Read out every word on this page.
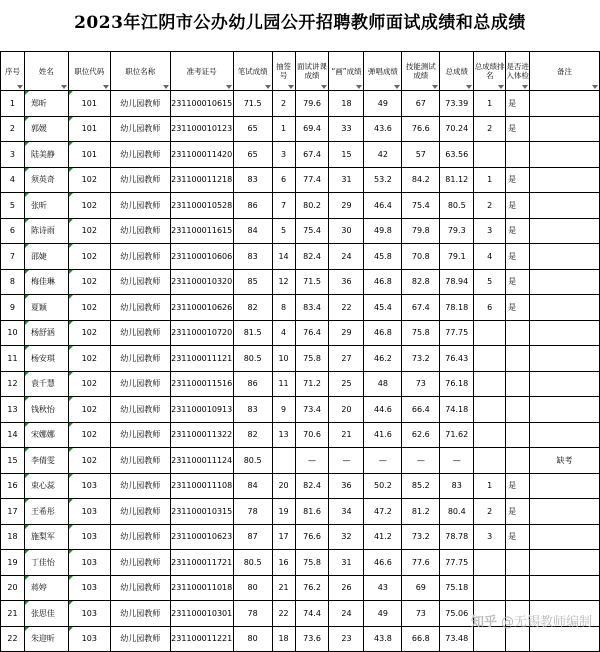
2023年江阴市公办幼儿园公开招聘教师面试成绩和总成绩
序号	姓名	职位代码	职位名称	准考证号	笔试成绩	抽签号	面试讲课成绩	“画”成绩	弹唱成绩	技能测试成绩	总成绩	总成绩排名	是否进入体检	备注

1	郑昕	101	幼儿园教师	231100010615	71.5	2	79.6	18	49	67	73.39	1	是	
2	郭媛	101	幼儿园教师	231100010123	65	1	69.4	33	43.6	76.6	70.24	2	是	
3	陆美静	101	幼儿园教师	231100011420	65	3	67.4	15	42	57	63.56			
4	须英奇	102	幼儿园教师	231100011218	83	6	77.4	31	53.2	84.2	81.12	1	是	
5	张昕	102	幼儿园教师	231100010528	86	7	80.2	29	46.4	75.4	80.5	2	是	
6	陈诗雨	102	幼儿园教师	231100011615	84	5	75.4	30	49.8	79.8	79.3	3	是	
7	邵婕	102	幼儿园教师	231100010606	83	14	82.4	24	45.8	70.8	79.1	4	是	
8	梅佳琳	102	幼儿园教师	231100010320	85	12	71.5	36	46.8	82.8	78.94	5	是	
9	夏颖	102	幼儿园教师	231100010626	82	8	83.4	22	45.4	67.4	78.18	6	是	
10	杨舒涵	102	幼儿园教师	231100010720	81.5	4	76.4	29	46.8	75.8	77.75			
11	杨安琪	102	幼儿园教师	231100011121	80.5	10	75.8	27	46.2	73.2	76.43			
12	袁千慧	102	幼儿园教师	231100011516	86	11	71.2	25	48	73	76.18			
13	钱秋怡	102	幼儿园教师	231100010913	83	9	73.4	20	44.6	66.4	74.18			
14	宋娜娜	102	幼儿园教师	231100011322	82	13	70.6	21	41.6	62.6	71.62			
15	李倩雯	102	幼儿园教师	231100011124	80.5		—	—	—	—	—			缺考
16	束心蕊	103	幼儿园教师	231100011108	84	20	82.4	36	50.2	85.2	83	1	是	
17	王希彤	103	幼儿园教师	231100010315	78	19	81.6	34	47.2	81.2	80.4	2	是	
18	施梨军	103	幼儿园教师	231100010623	87	17	76.6	32	41.2	73.2	78.78	3	是	
19	丁佳怡	103	幼儿园教师	231100011721	80.5	16	75.8	31	46.6	77.6	77.75			
20	蒋婷	103	幼儿园教师	231100011018	80	21	76.2	26	43	69	75.18			
21	张思佳	103	幼儿园教师	231100010301	78	22	74.4	24	49	73	75.06			
22	朱迎昕	103	幼儿园教师	231100011221	80	18	73.6	23	43.8	66.8	73.48			
知乎 @无锡教师编制
